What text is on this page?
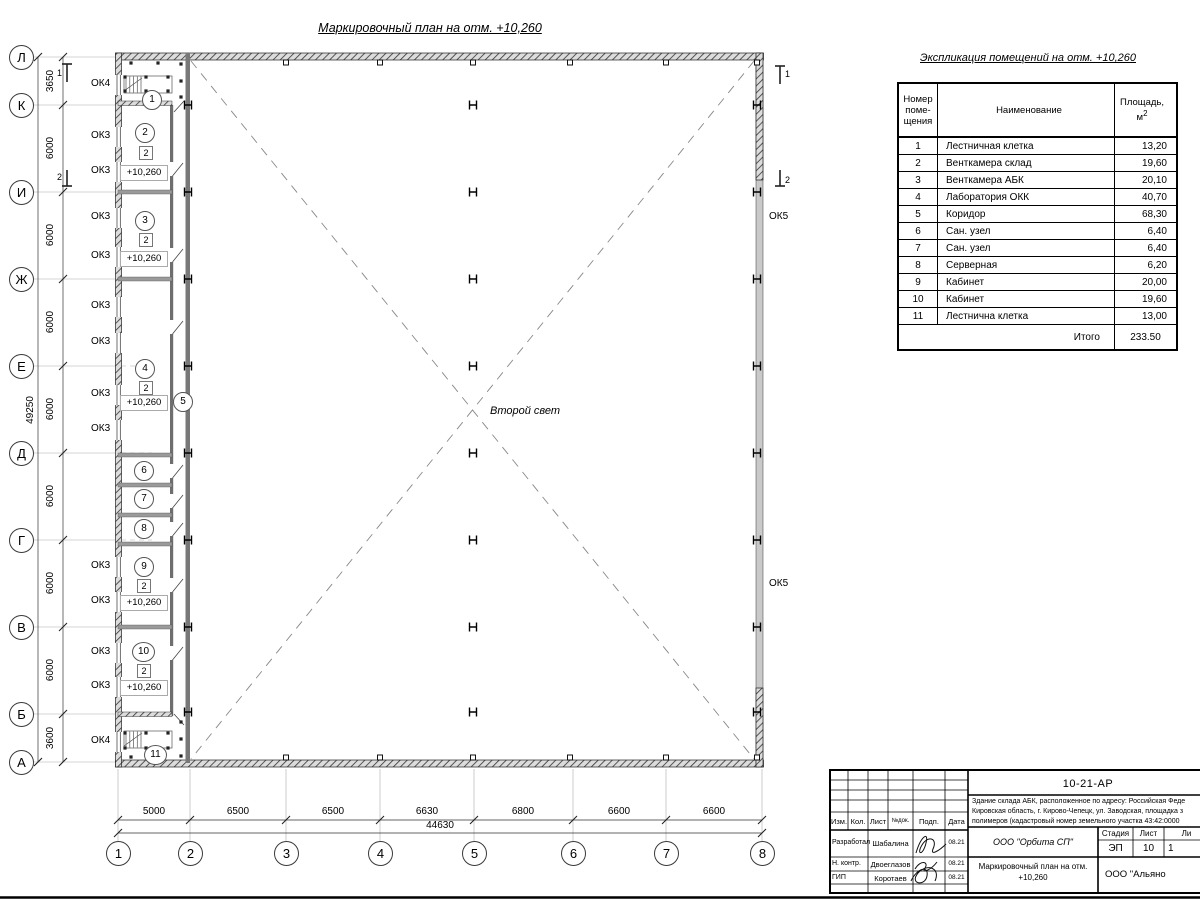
Маркировочный план на отм. +10,260
Экспликация помещений на отм. +10,260
Второй свет
Л
К
И
Ж
Е
Д
Г
В
Б
А
1	2	3	4	5	6	7	8
3650
6000
6000
6000
6000
6000
6000
6000
3600
49250
5000	6500	6500	6630	6800	6600	6600
44630
ОК4
ОК3
ОК3
ОК3
ОК3
ОК3
ОК3
ОК3
ОК3
ОК3
ОК3
ОК3
ОК3
ОК4
ОК5
ОК5
1	1
2	2
1
2
3
4
5
6
7
8
9
10
11
2
2
2
2
2
+10,260
+10,260
+10,260
+10,260
+10,260
Номер
поме-
щения	Наименование	Площадь,
$м^2$
1	Лестничная клетка	13,20
2	Венткамера склад	19,60
3	Венткамера АБК	20,10
4	Лаборатория ОКК	40,70
5	Коридор	68,30
6	Сан. узел	6,40
7	Сан. узел	6,40
8	Серверная	6,20
9	Кабинет	20,00
10	Кабинет	19,60
11	Лестнична клетка	13,00
Итого		233.50
10-21-АР
Здание склада АБК, расположенное по адресу: Российская Феде
Кировская область, г. Кирово-Чепецк, ул. Заводская, площадка з
полимеров (кадастровый номер земельного участка 43:42:0000
Изм. Кол. Лист №док.	Подп.	Дата
Разработал Шабалина	08.21
Н. контр.	Двоеглазов	08.21
ГИП	Коротаев	08.21
ООО "Орбита СП"
Стадия	Лист	Ли
ЭП	10	1
Маркировочный план на отм.
+10,260	ООО "Альяно
